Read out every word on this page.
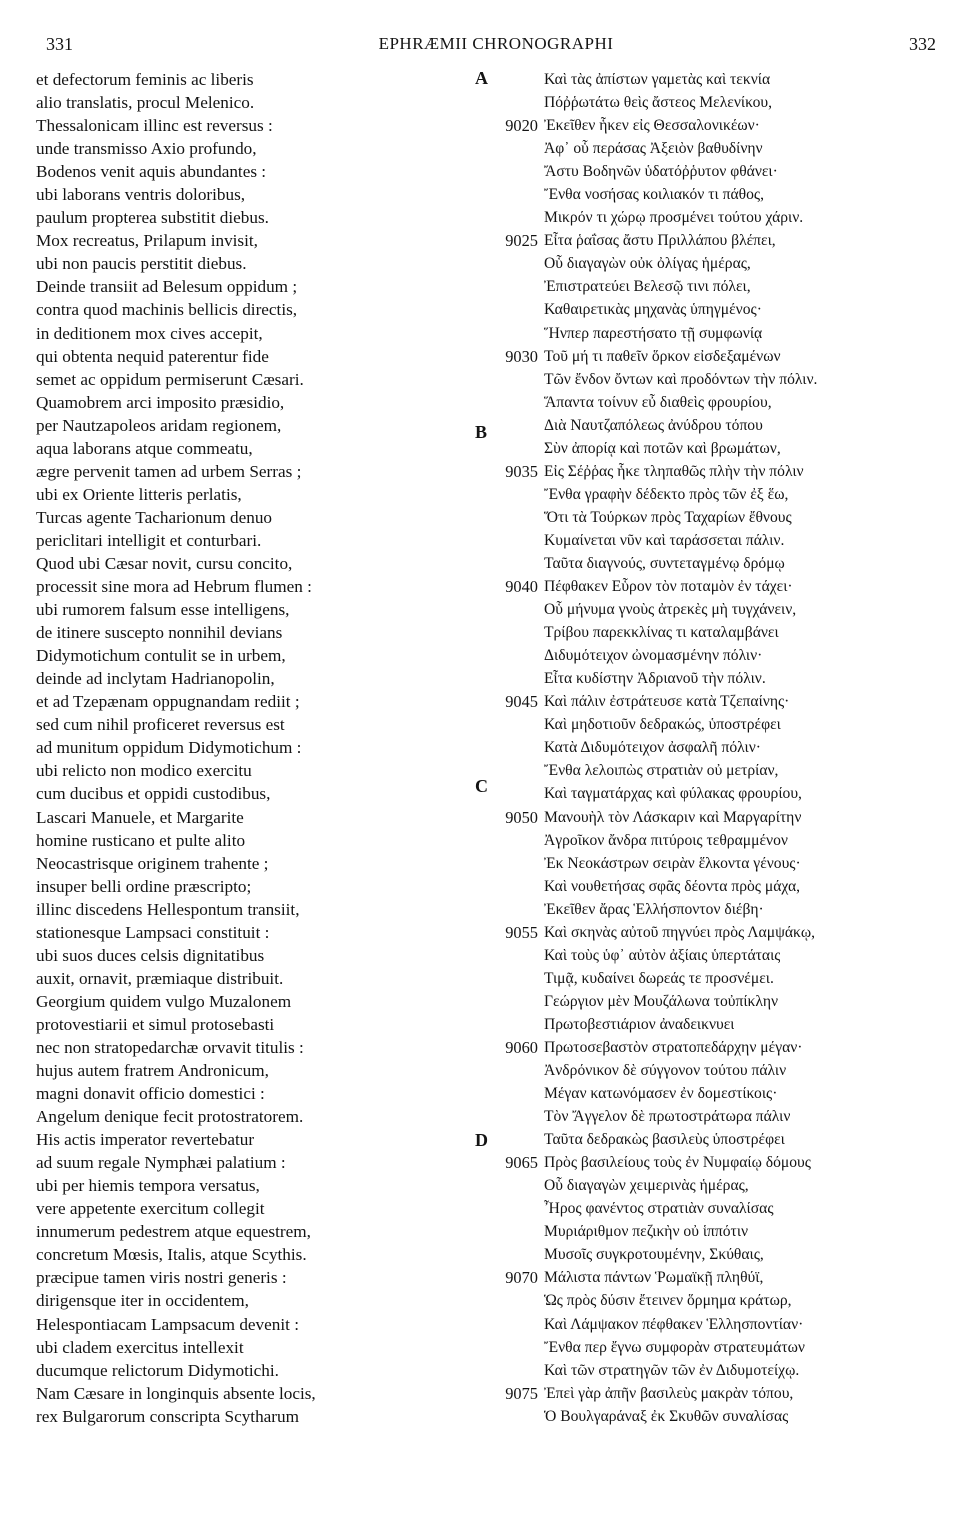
331	EPHRÆMII CHRONOGRAPHI	332
et defectorum feminis ac liberis
alio translatis, procul Melenico.
Thessalonicam illinc est reversus :
unde transmisso Axio profundo,
Bodenos venit aquis abundantes :
ubi laborans ventris doloribus,
paulum propterea substitit diebus.
Mox recreatus, Prilapum invisit,
ubi non paucis perstitit diebus.
Deinde transiit ad Belesum oppidum ;
contra quod machinis bellicis directis,
in deditionem mox cives accepit,
qui obtenta nequid paterentur fide
semet ac oppidum permiserunt Cæsari.
Quamobrem arci imposito præsidio,
per Nautzapoleos aridam regionem,
aqua laborans atque commeatu,
ægre pervenit tamen ad urbem Serras ;
ubi ex Oriente litteris perlatis,
Turcas agente Tacharionum denuo
periclitari intelligit et conturbari.
Quod ubi Cæsar novit, cursu concito,
processit sine mora ad Hebrum flumen :
ubi rumorem falsum esse intelligens,
de itinere suscepto nonnihil devians
Didymotichum contulit se in urbem,
deinde ad inclytam Hadrianopolin,
et ad Tzepænam oppugnandam rediit ;
sed cum nihil proficeret reversus est
ad munitum oppidum Didymotichum :
ubi relicto non modico exercitu
cum ducibus et oppidi custodibus,
Lascari Manuele, et Margarite
homine rusticano et pulte alito
Neocastrisque originem trahente ;
insuper belli ordine præscripto;
illinc discedens Hellespontum transiit,
stationesque Lampsaci constituit :
ubi suos duces celsis dignitatibus
auxit, ornavit, præmiaque distribuit.
Georgium quidem vulgo Muzalonem
protovestiarii et simul protosebasti
nec non stratopedarchæ orvavit titulis :
hujus autem fratrem Andronicum,
magni donavit officio domestici :
Angelum denique fecit protostratorem.
His actis imperator revertebatur
ad suum regale Nymphæi palatium :
ubi per hiemis tempora versatus,
vere appetente exercitum collegit
innumerum pedestrem atque equestrem,
concretum Mœsis, Italis, atque Scythis.
præcipue tamen viris nostri generis :
dirigensque iter in occidentem,
Helespontiacam Lampsacum devenit :
ubi cladem exercitus intellexit
ducumque relictorum Didymotichi.
Nam Cæsare in longinquis absente locis,
rex Bulgarorum conscripta Scytharum
Καὶ τὰς ἀπίστων γαμετὰς καὶ τεκνία
Πόῤῥωτάτω θεὶς ἄστεος Μελενίκου,
9020 Ἐκεῖθεν ἧκεν εἰς Θεσσαλονικέων·
Ἀφ᾽ οὗ περάσας Ἀξειὸν βαθυδίνην
Ἄστυ Βοδηνῶν ὑδατόῤῥυτον φθάνει·
Ἔνθα νοσήσας κοιλιακόν τι πάθος,
Μικρόν τι χώρῳ προσμένει τούτου χάριν.
9025 Εἶτα ῥαΐσας ἄστυ Πριλλάπου βλέπει,
Οὗ διαγαγὼν οὐκ ὀλίγας ἡμέρας,
Ἐπιστρατεύει Βελεσῷ τινι πόλει,
Καθαιρετικὰς μηχανὰς ὑπηγμένος·
Ἥνπερ παρεστήσατο τῇ συμφωνίᾳ
9030 Τοῦ μή τι παθεῖν ὅρκον εἰσδεξαμένων
Τῶν ἔνδον ὄντων καὶ προδόντων τὴν πόλιν.
Ἅπαντα τοίνυν εὖ διαθεὶς φρουρίου,
Διὰ Ναυτζαπόλεως ἀνύδρου τόπου
Σὺν ἀπορίᾳ καὶ ποτῶν καὶ βρωμάτων,
9035 Εἰς Σέῤῥας ἧκε τληπαθῶς πλὴν τὴν πόλιν
Ἔνθα γραφὴν δέδεκτο πρὸς τῶν ἐξ ἕω,
Ὅτι τὰ Τούρκων πρὸς Ταχαρίων ἔθνους
Κυμαίνεται νῦν καὶ ταράσσεται πάλιν.
Ταῦτα διαγνούς, συντεταγμένῳ δρόμῳ
9040 Πέφθακεν Εὗρον τὸν ποταμὸν ἐν τάχει·
Οὗ μήνυμα γνοὺς ἀτρεκὲς μὴ τυγχάνειν,
Τρίβου παρεκκλίνας τι καταλαμβάνει
Διδυμότειχον ὠνομασμένην πόλιν·
Εἶτα κυδίστην Ἀδριανοῦ τὴν πόλιν.
9045 Καὶ πάλιν ἐστράτευσε κατὰ Τζεπαίνης·
Καὶ μηδοτιοῦν δεδρακώς, ὑποστρέφει
Κατὰ Διδυμότειχον ἀσφαλῆ πόλιν·
Ἔνθα λελοιπὼς στρατιὰν οὐ μετρίαν,
Καὶ ταγματάρχας καὶ φύλακας φρουρίου,
9050 Μανουὴλ τὸν Λάσκαριν καὶ Μαργαρίτην
Ἀγροῖκον ἄνδρα πιτύροις τεθραμμένον
Ἐκ Νεοκάστρων σειρὰν ἕλκοντα γένους·
Καὶ νουθετήσας σφᾶς δέοντα πρὸς μάχα,
Ἐκεῖθεν ἄρας Ἑλλήσποντον διέβη·
9055 Καὶ σκηνὰς αὐτοῦ πηγνύει πρὸς Λαμψάκῳ,
Καὶ τοὺς ὑφ᾽ αὐτὸν ἀξίαις ὑπερτάταις
Τιμᾷ, κυδαίνει δωρεάς τε προσνέμει.
Γεώργιον μὲν Μουζάλωνα τοὐπίκλην
Πρωτοβεστιάριον ἀναδεικνυει
9060 Πρωτοσεβαστὸν στρατοπεδάρχην μέγαν·
Ἀνδρόνικον δὲ σύγγονον τούτου πάλιν
Μέγαν κατωνόμασεν ἐν δομεστίκοις·
Τὸν Ἄγγελον δὲ πρωτοστράτωρα πάλιν
Ταῦτα δεδρακὼς βασιλεὺς ὑποστρέφει
9065 Πρὸς βασιλείους τοὺς ἐν Νυμφαίῳ δόμους
Οὗ διαγαγὼν χειμερινὰς ἡμέρας,
Ἦρος φανέντος στρατιὰν συναλίσας
Μυριάριθμον πεζικὴν οὐ ἱππότιν
Μυσοῖς συγκροτουμένην, Σκύθαις,
9070 Μάλιστα πάντων Ῥωμαϊκῇ πληθύϊ,
Ὡς πρὸς δύσιν ἔτεινεν ὅρμημα κράτωρ,
Καὶ Λάμψακον πέφθακεν Ἑλλησποντίαν·
Ἔνθα περ ἔγνω συμφορὰν στρατευμάτων
Καὶ τῶν στρατηγῶν τῶν ἐν Διδυμοτείχῳ.
9075 Ἐπεὶ γὰρ ἀπῆν βασιλεὺς μακρὰν τόπου,
Ὁ Βουλγαράναξ ἐκ Σκυθῶν συναλίσας
A
B
C
D
